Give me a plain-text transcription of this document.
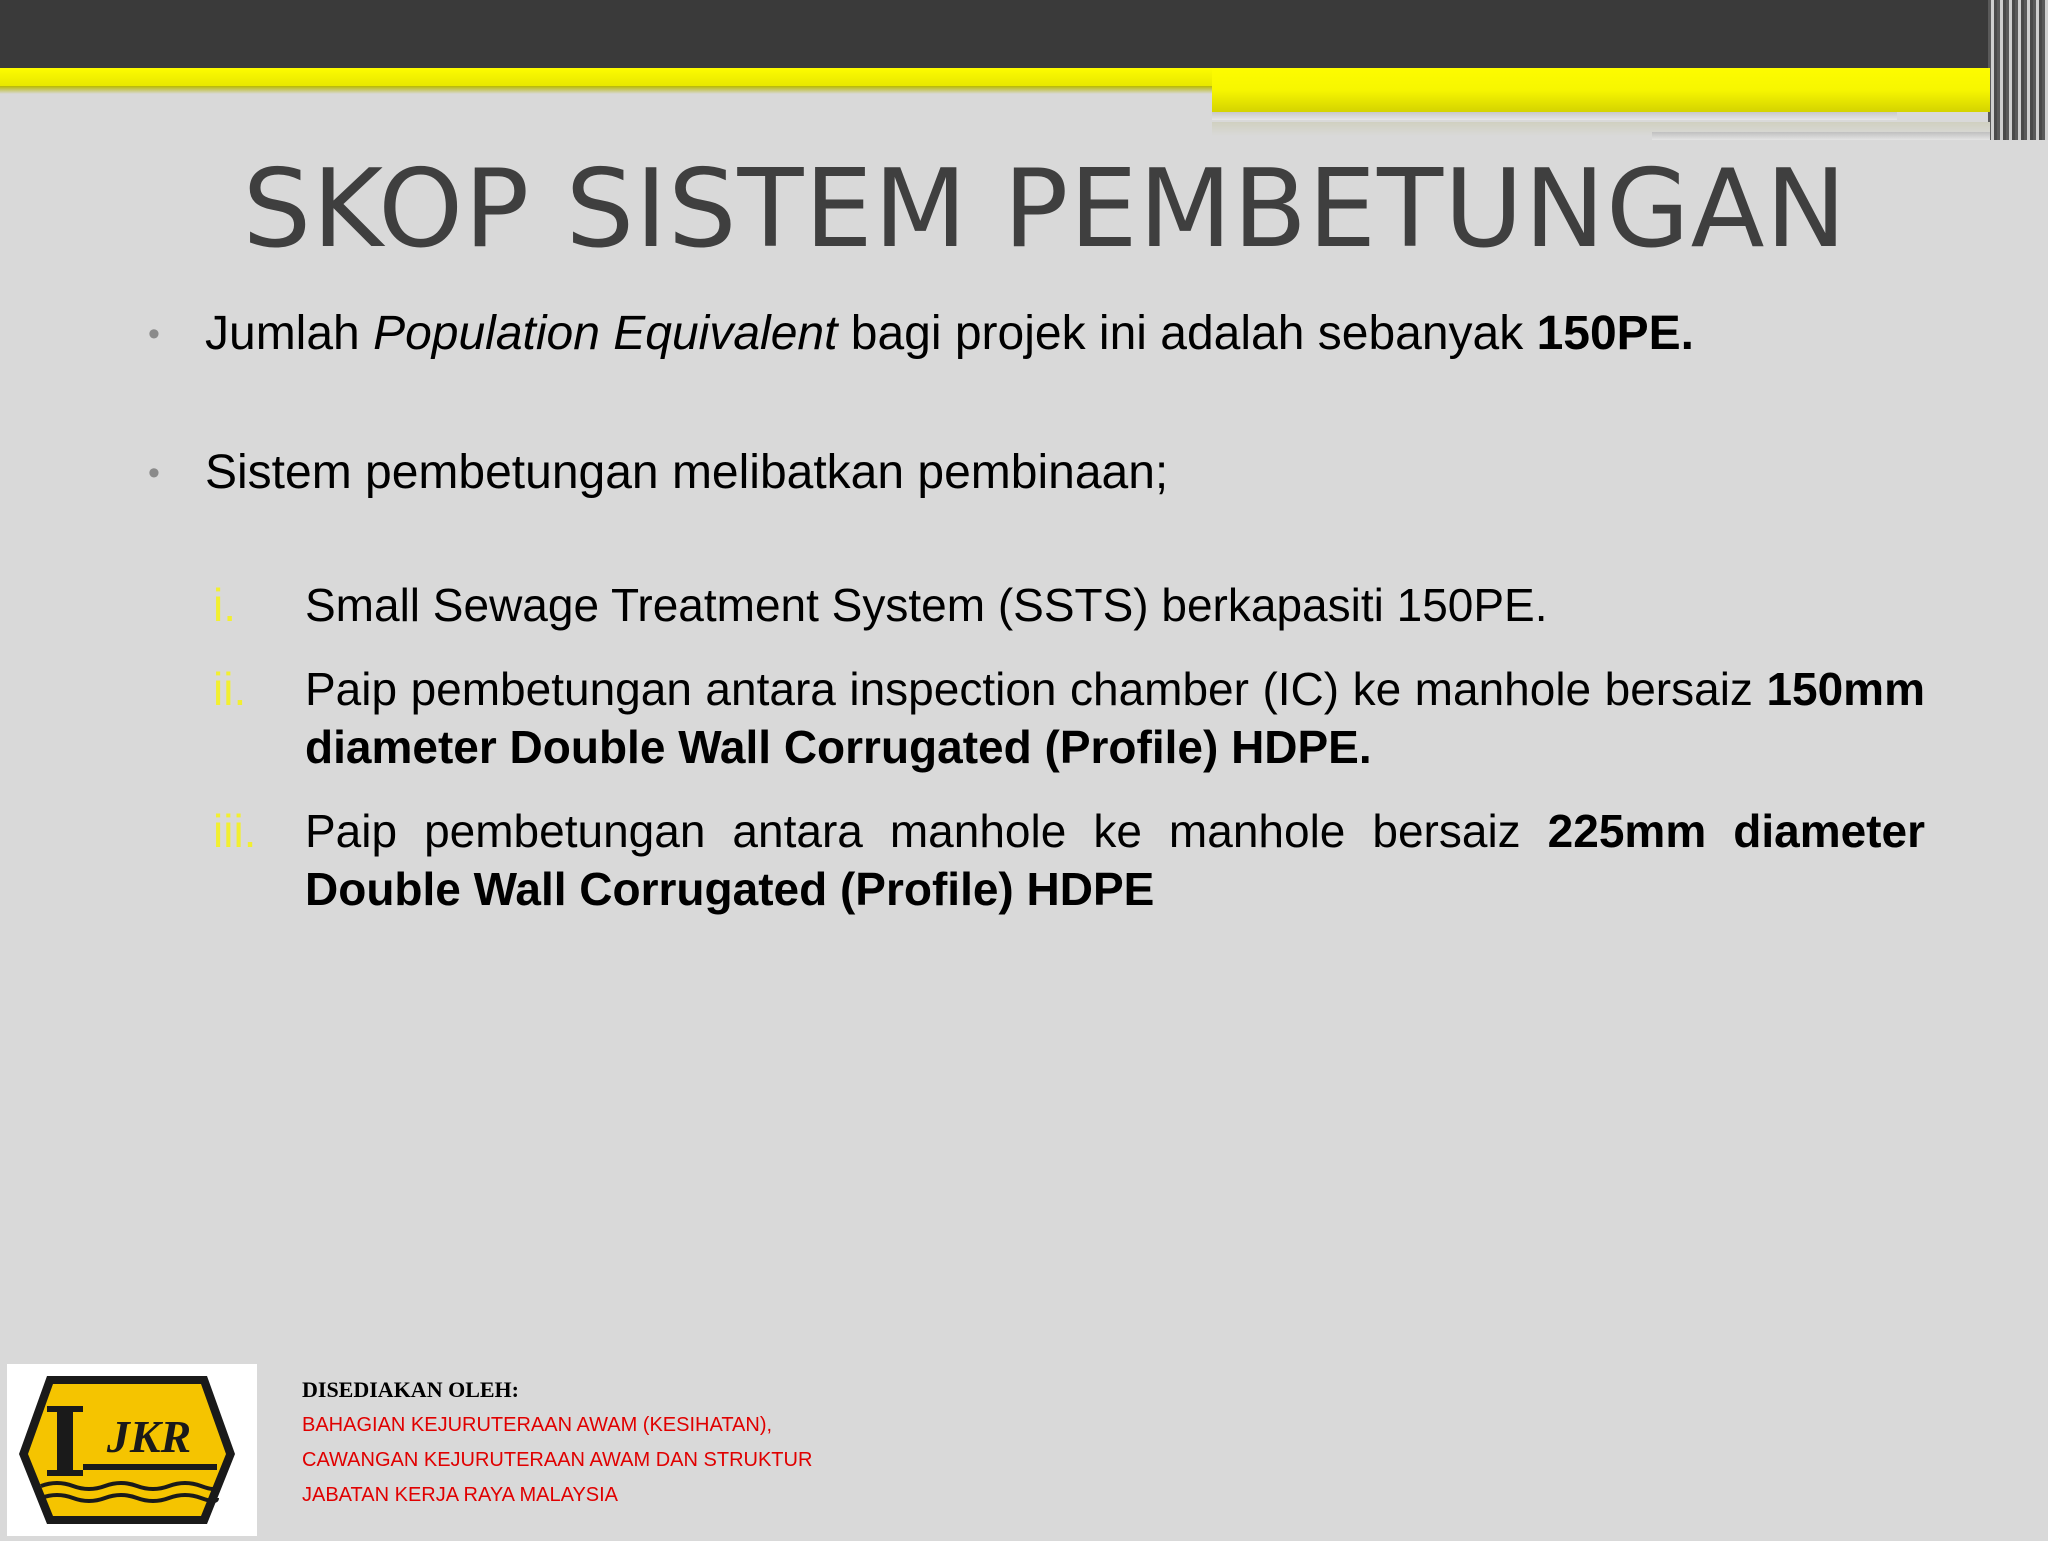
SKOP SISTEM PEMBETUNGAN
• Jumlah Population Equivalent bagi projek ini adalah sebanyak 150PE.
• Sistem pembetungan melibatkan pembinaan;
i. Small Sewage Treatment System (SSTS) berkapasiti 150PE.
ii. Paip pembetungan antara inspection chamber (IC) ke manhole bersaiz 150mm diameter Double Wall Corrugated (Profile) HDPE.
iii. Paip pembetungan antara manhole ke manhole bersaiz 225mm diameter Double Wall Corrugated (Profile) HDPE
JKR
DISEDIAKAN OLEH:
BAHAGIAN KEJURUTERAAN AWAM (KESIHATAN),
CAWANGAN KEJURUTERAAN AWAM DAN STRUKTUR
JABATAN KERJA RAYA MALAYSIA
